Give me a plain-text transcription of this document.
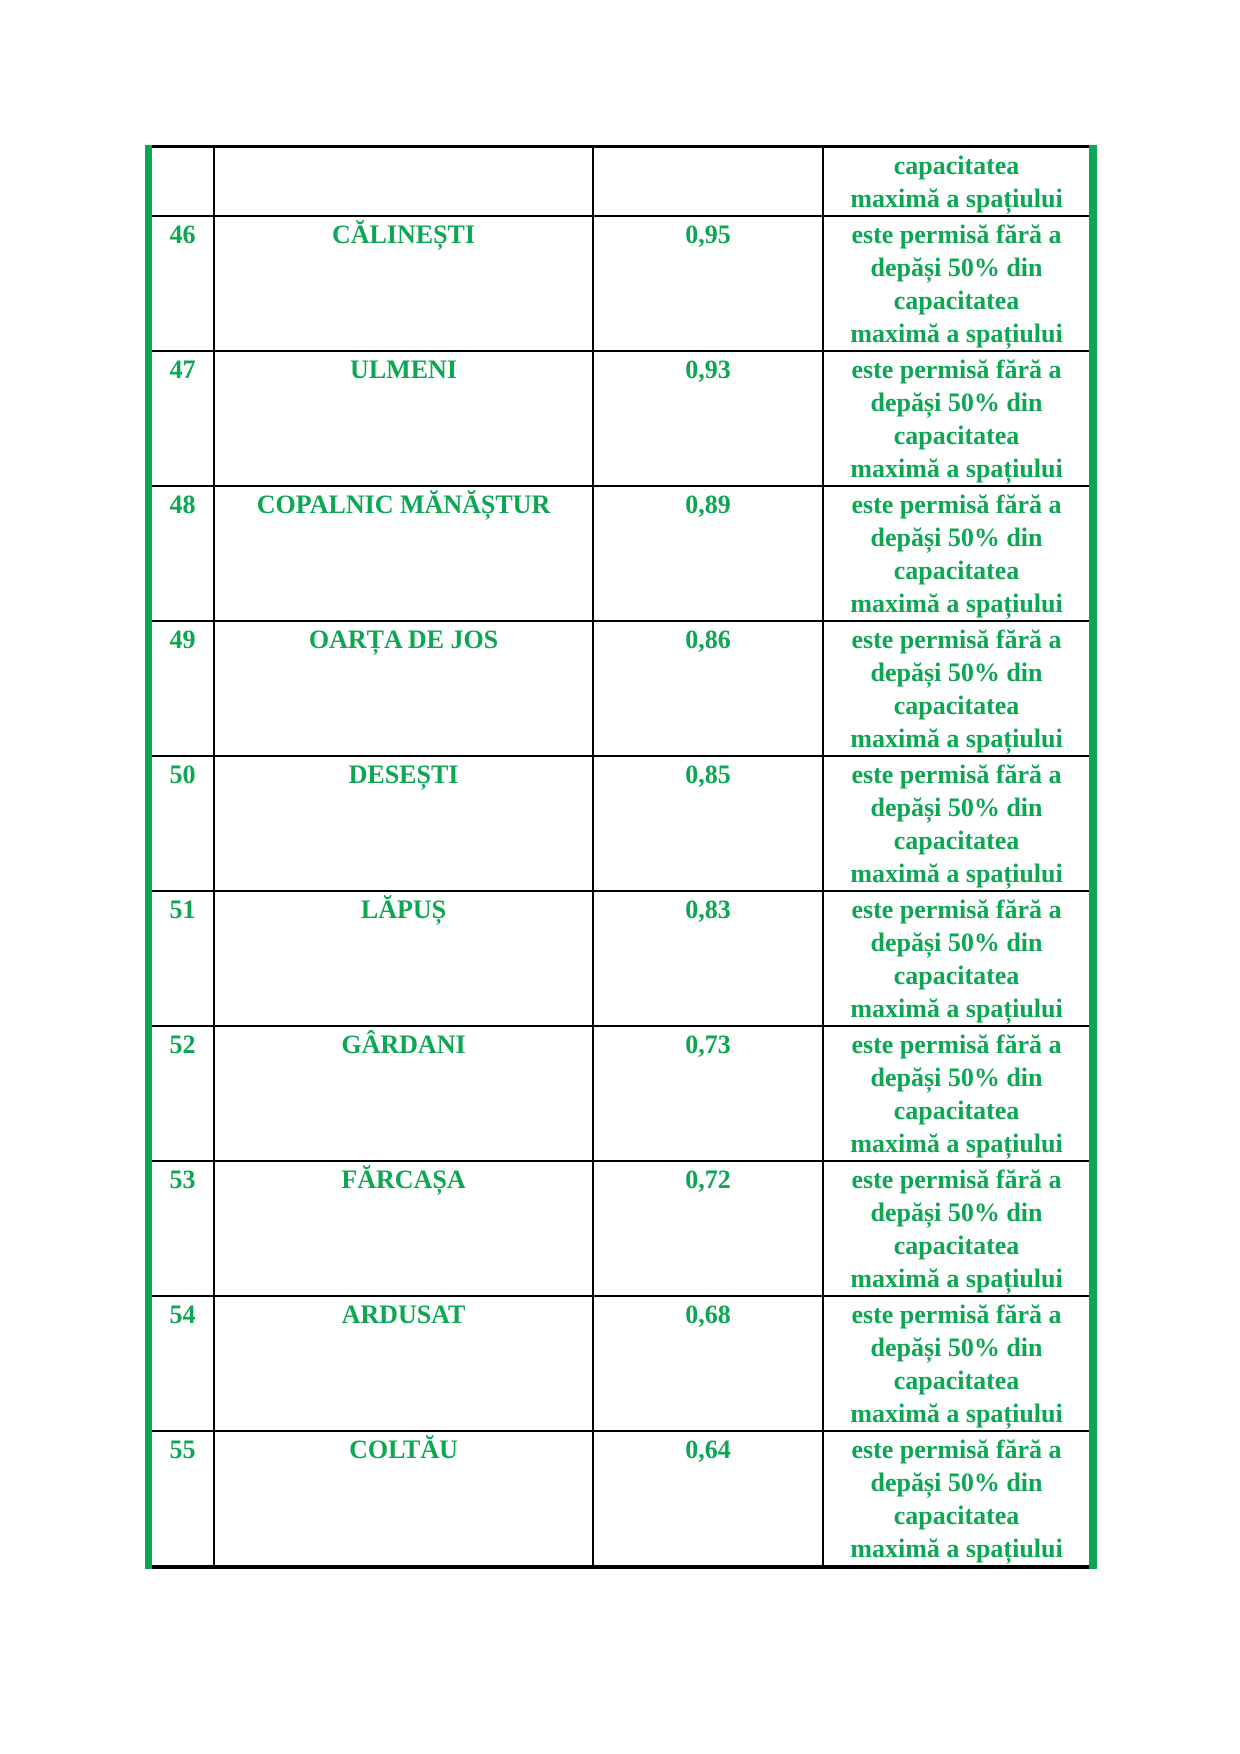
			capacitatea
maximă a spațiului

46	CĂLINEȘTI	0,95	este permisă fără a
depăși 50% din
capacitatea
maximă a spațiului

47	ULMENI	0,93	este permisă fără a
depăși 50% din
capacitatea
maximă a spațiului

48	COPALNIC MĂNĂȘTUR	0,89	este permisă fără a
depăși 50% din
capacitatea
maximă a spațiului

49	OARȚA DE JOS	0,86	este permisă fără a
depăși 50% din
capacitatea
maximă a spațiului

50	DESEȘTI	0,85	este permisă fără a
depăși 50% din
capacitatea
maximă a spațiului

51	LĂPUȘ	0,83	este permisă fără a
depăși 50% din
capacitatea
maximă a spațiului

52	GÂRDANI	0,73	este permisă fără a
depăși 50% din
capacitatea
maximă a spațiului

53	FĂRCAȘA	0,72	este permisă fără a
depăși 50% din
capacitatea
maximă a spațiului

54	ARDUSAT	0,68	este permisă fără a
depăși 50% din
capacitatea
maximă a spațiului

55	COLTĂU	0,64	este permisă fără a
depăși 50% din
capacitatea
maximă a spațiului
